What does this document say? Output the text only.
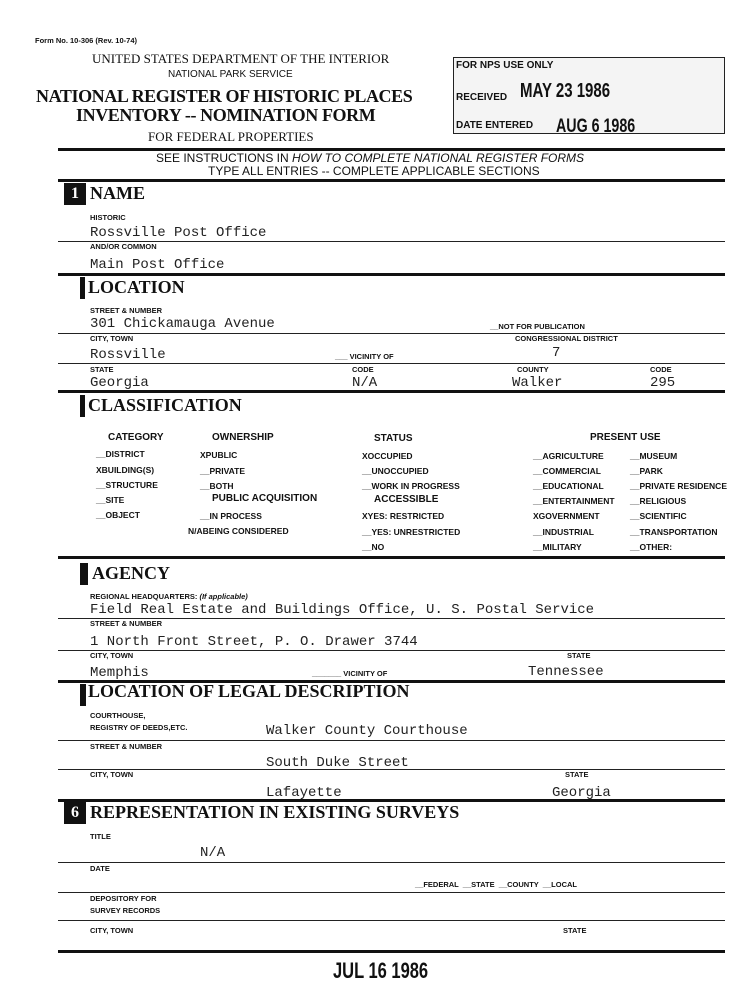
Form No. 10-306 (Rev. 10-74)
UNITED STATES DEPARTMENT OF THE INTERIOR
NATIONAL PARK SERVICE
NATIONAL REGISTER OF HISTORIC PLACES
INVENTORY -- NOMINATION FORM
FOR FEDERAL PROPERTIES
FOR NPS USE ONLY
RECEIVED MAY 23 1986
DATE ENTERED AUG 6 1986
SEE INSTRUCTIONS IN HOW TO COMPLETE NATIONAL REGISTER FORMS
TYPE ALL ENTRIES -- COMPLETE APPLICABLE SECTIONS
1 NAME
HISTORIC
Rossville Post Office
AND/OR COMMON
Main Post Office
LOCATION
STREET & NUMBER
301 Chickamauga Avenue	__NOT FOR PUBLICATION
CITY, TOWN	CONGRESSIONAL DISTRICT
Rossville	___ VICINITY OF	7
STATE	CODE	COUNTY	CODE
Georgia	N/A	Walker	295
CLASSIFICATION
CATEGORY
__DISTRICT
XBUILDING(S)
__STRUCTURE
__SITE
__OBJECT
OWNERSHIP
XPUBLIC
__PRIVATE
__BOTH
PUBLIC ACQUISITION
__IN PROCESS
N/ABEING CONSIDERED
STATUS
XOCCUPIED
__UNOCCUPIED
__WORK IN PROGRESS
ACCESSIBLE
XYES: RESTRICTED
__YES: UNRESTRICTED
__NO
PRESENT USE
__AGRICULTURE
__COMMERCIAL
__EDUCATIONAL
__ENTERTAINMENT
XGOVERNMENT
__INDUSTRIAL
__MILITARY
__MUSEUM
__PARK
__PRIVATE RESIDENCE
__RELIGIOUS
__SCIENTIFIC
__TRANSPORTATION
__OTHER:
AGENCY
REGIONAL HEADQUARTERS: (If applicable)
Field Real Estate and Buildings Office, U. S. Postal Service
STREET & NUMBER
1 North Front Street, P. O. Drawer 3744
CITY, TOWN	STATE
Memphis	_______ VICINITY OF	Tennessee
LOCATION OF LEGAL DESCRIPTION
COURTHOUSE,
REGISTRY OF DEEDS,ETC.	Walker County Courthouse
STREET & NUMBER
South Duke Street
CITY, TOWN	STATE
Lafayette	Georgia
6 REPRESENTATION IN EXISTING SURVEYS
TITLE
N/A
DATE
__FEDERAL  __STATE  __COUNTY  __LOCAL
DEPOSITORY FOR
SURVEY RECORDS
CITY, TOWN	STATE
JUL 16 1986
